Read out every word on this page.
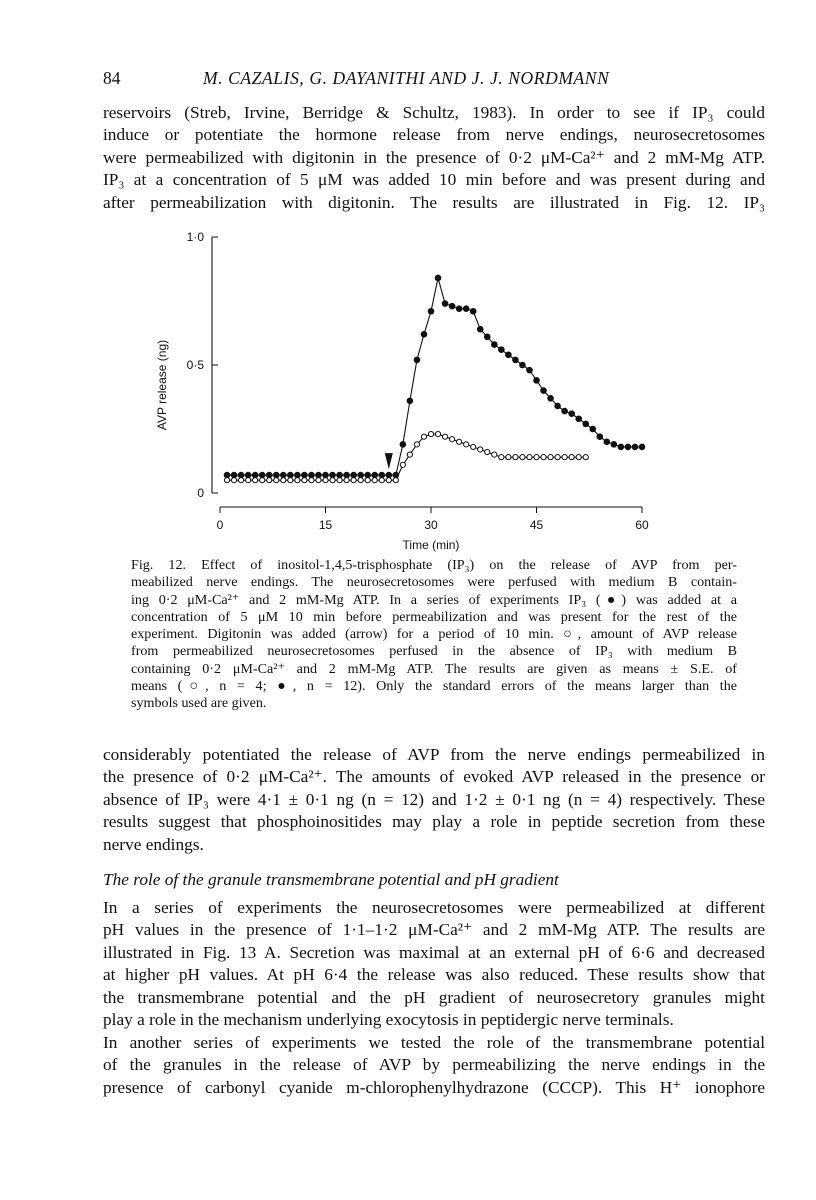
84	M. CAZALIS, G. DAYANITHI AND J. J. NORDMANN
reservoirs (Streb, Irvine, Berridge & Schultz, 1983). In order to see if IP₃ could
induce or potentiate the hormone release from nerve endings, neurosecretosomes
were permeabilized with digitonin in the presence of 0·2 μM-Ca²⁺ and 2 mM-Mg ATP.
IP₃ at a concentration of 5 μM was added 10 min before and was present during and
after permeabilization with digitonin. The results are illustrated in Fig. 12. IP₃
0
0·5
1·0
0	15	30	45	60
Time (min)
AVP release (ng)
Fig. 12. Effect of inositol-1,4,5-trisphosphate (IP₃) on the release of AVP from per-
meabilized nerve endings. The neurosecretosomes were perfused with medium B contain-
ing 0·2 μM-Ca²⁺ and 2 mM-Mg ATP. In a series of experiments IP₃ (●) was added at a
concentration of 5 μM 10 min before permeabilization and was present for the rest of the
experiment. Digitonin was added (arrow) for a period of 10 min. ○, amount of AVP release
from permeabilized neurosecretosomes perfused in the absence of IP₃ with medium B
containing 0·2 μM-Ca²⁺ and 2 mM-Mg ATP. The results are given as means ± S.E. of
means (○, n = 4; ●, n = 12). Only the standard errors of the means larger than the
symbols used are given.
considerably potentiated the release of AVP from the nerve endings permeabilized in
the presence of 0·2 μM-Ca²⁺. The amounts of evoked AVP released in the presence or
absence of IP₃ were 4·1 ± 0·1 ng (n = 12) and 1·2 ± 0·1 ng (n = 4) respectively. These
results suggest that phosphoinositides may play a role in peptide secretion from these
nerve endings.
The role of the granule transmembrane potential and pH gradient
In a series of experiments the neurosecretosomes were permeabilized at different
pH values in the presence of 1·1–1·2 μM-Ca²⁺ and 2 mM-Mg ATP. The results are
illustrated in Fig. 13 A. Secretion was maximal at an external pH of 6·6 and decreased
at higher pH values. At pH 6·4 the release was also reduced. These results show that
the transmembrane potential and the pH gradient of neurosecretory granules might
play a role in the mechanism underlying exocytosis in peptidergic nerve terminals.
In another series of experiments we tested the role of the transmembrane potential
of the granules in the release of AVP by permeabilizing the nerve endings in the
presence of carbonyl cyanide m-chlorophenylhydrazone (CCCP). This H⁺ ionophore
